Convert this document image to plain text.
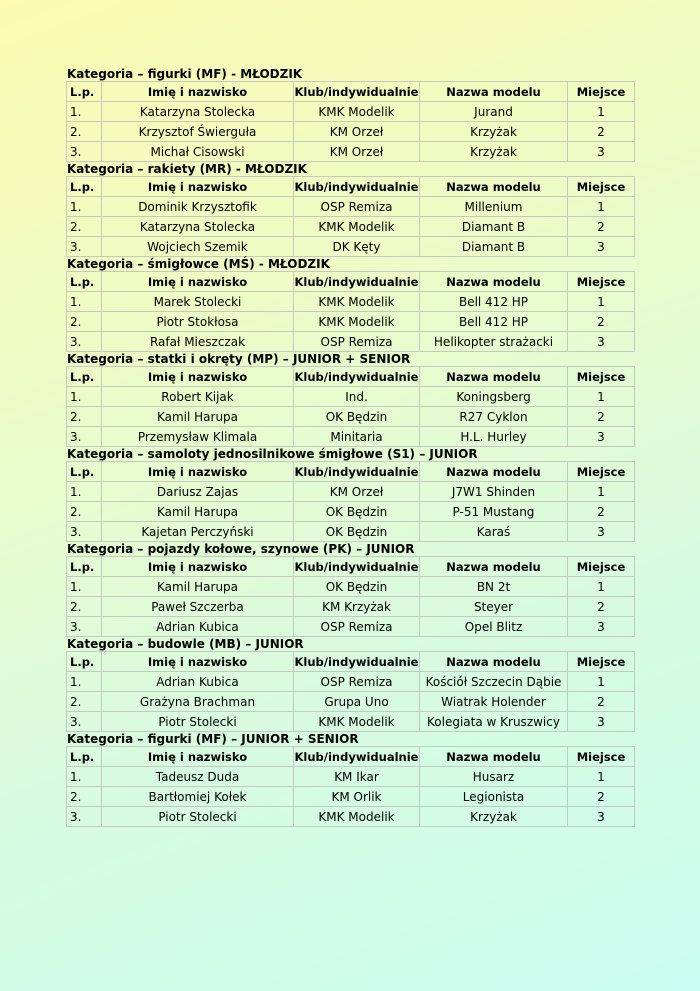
Kategoria – figurki (MF) - MŁODZIK
L.p.	Imię i nazwisko	Klub/indywidualnie	Nazwa modelu	Miejsce
1.	Katarzyna Stolecka	KMK Modelik	Jurand	1
2.	Krzysztof Świerguła	KM Orzeł	Krzyżak	2
3.	Michał Cisowski	KM Orzeł	Krzyżak	3
Kategoria – rakiety (MR) - MŁODZIK
L.p.	Imię i nazwisko	Klub/indywidualnie	Nazwa modelu	Miejsce
1.	Dominik Krzysztofik	OSP Remiza	Millenium	1
2.	Katarzyna Stolecka	KMK Modelik	Diamant B	2
3.	Wojciech Szemik	DK Kęty	Diamant B	3
Kategoria – śmigłowce (MŚ) - MŁODZIK
L.p.	Imię i nazwisko	Klub/indywidualnie	Nazwa modelu	Miejsce
1.	Marek Stolecki	KMK Modelik	Bell 412 HP	1
2.	Piotr Stokłosa	KMK Modelik	Bell 412 HP	2
3.	Rafał Mieszczak	OSP Remiza	Helikopter strażacki	3
Kategoria – statki i okręty (MP) – JUNIOR + SENIOR
L.p.	Imię i nazwisko	Klub/indywidualnie	Nazwa modelu	Miejsce
1.	Robert Kijak	Ind.	Koningsberg	1
2.	Kamil Harupa	OK Będzin	R27 Cyklon	2
3.	Przemysław Klimala	Minitaria	H.L. Hurley	3
Kategoria – samoloty jednosilnikowe śmigłowe (S1) – JUNIOR
L.p.	Imię i nazwisko	Klub/indywidualnie	Nazwa modelu	Miejsce
1.	Dariusz Zajas	KM Orzeł	J7W1 Shinden	1
2.	Kamil Harupa	OK Będzin	P-51 Mustang	2
3.	Kajetan Perczyński	OK Będzin	Karaś	3
Kategoria – pojazdy kołowe, szynowe (PK) – JUNIOR
L.p.	Imię i nazwisko	Klub/indywidualnie	Nazwa modelu	Miejsce
1.	Kamil Harupa	OK Będzin	BN 2t	1
2.	Paweł Szczerba	KM Krzyżak	Steyer	2
3.	Adrian Kubica	OSP Remiza	Opel Blitz	3
Kategoria – budowle (MB) – JUNIOR
L.p.	Imię i nazwisko	Klub/indywidualnie	Nazwa modelu	Miejsce
1.	Adrian Kubica	OSP Remiza	Kościół Szczecin Dąbie	1
2.	Grażyna Brachman	Grupa Uno	Wiatrak Holender	2
3.	Piotr Stolecki	KMK Modelik	Kolegiata w Kruszwicy	3
Kategoria – figurki (MF) – JUNIOR + SENIOR
L.p.	Imię i nazwisko	Klub/indywidualnie	Nazwa modelu	Miejsce
1.	Tadeusz Duda	KM Ikar	Husarz	1
2.	Bartłomiej Kołek	KM Orlik	Legionista	2
3.	Piotr Stolecki	KMK Modelik	Krzyżak	3
